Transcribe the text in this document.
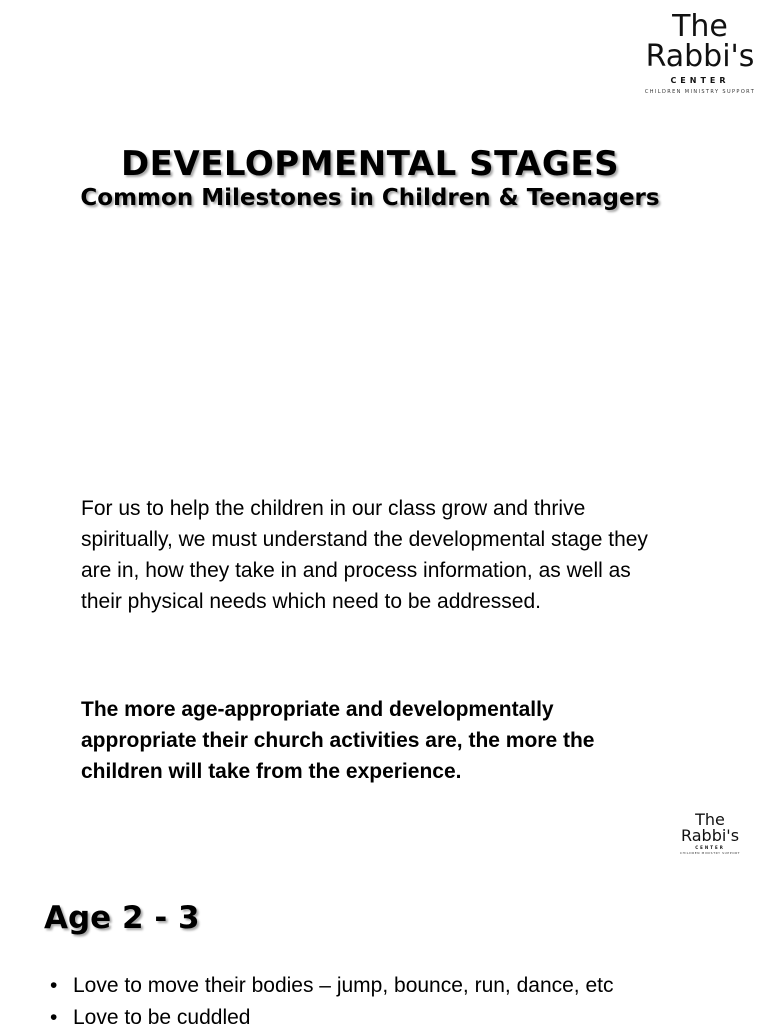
The
Rabbi's
CENTER
CHILDREN MINISTRY SUPPORT
DEVELOPMENTAL STAGES
Common Milestones in Children & Teenagers
For us to help the children in our class grow and thrive spiritually, we must understand the developmental stage they are in, how they take in and process information, as well as their physical needs which need to be addressed.
The more age-appropriate and developmentally appropriate their church activities are, the more the children will take from the experience.
The
Rabbi's
CENTER
CHILDREN MINISTRY SUPPORT
Age 2 - 3
• Love to move their bodies – jump, bounce, run, dance, etc
• Love to be cuddled
